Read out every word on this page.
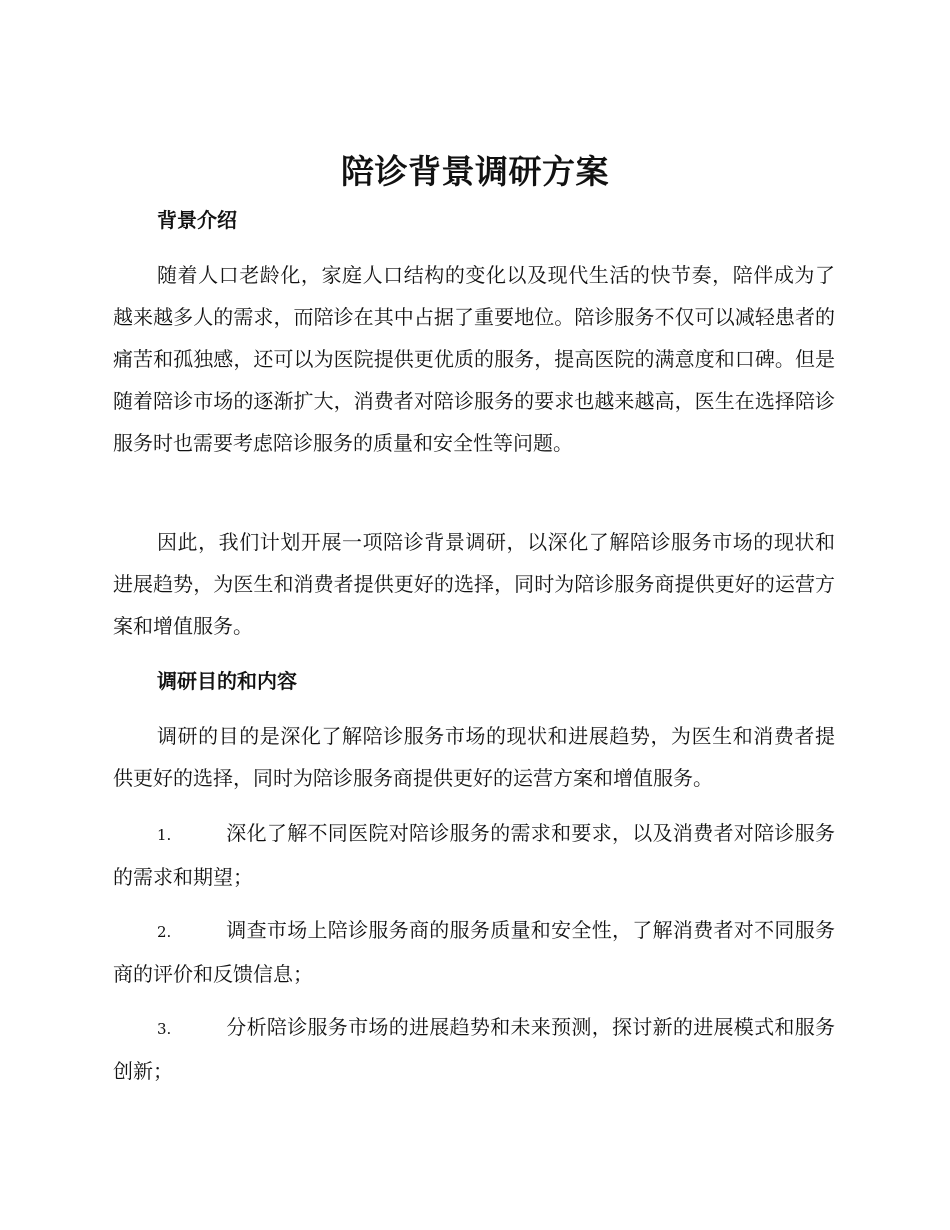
陪诊背景调研方案
背景介绍

随着人口老龄化，家庭人口结构的变化以及现代生活的快节奏，陪伴成为了越来越多人的需求，而陪诊在其中占据了重要地位。陪诊服务不仅可以减轻患者的痛苦和孤独感，还可以为医院提供更优质的服务，提高医院的满意度和口碑。但是随着陪诊市场的逐渐扩大，消费者对陪诊服务的要求也越来越高，医生在选择陪诊服务时也需要考虑陪诊服务的质量和安全性等问题。

因此，我们计划开展一项陪诊背景调研，以深化了解陪诊服务市场的现状和进展趋势，为医生和消费者提供更好的选择，同时为陪诊服务商提供更好的运营方案和增值服务。

调研目的和内容

调研的目的是深化了解陪诊服务市场的现状和进展趋势，为医生和消费者提供更好的选择，同时为陪诊服务商提供更好的运营方案和增值服务。

1.	深化了解不同医院对陪诊服务的需求和要求，以及消费者对陪诊服务的需求和期望；

2.	调查市场上陪诊服务商的服务质量和安全性，了解消费者对不同服务商的评价和反馈信息；

3.	分析陪诊服务市场的进展趋势和未来预测，探讨新的进展模式和服务创新；
